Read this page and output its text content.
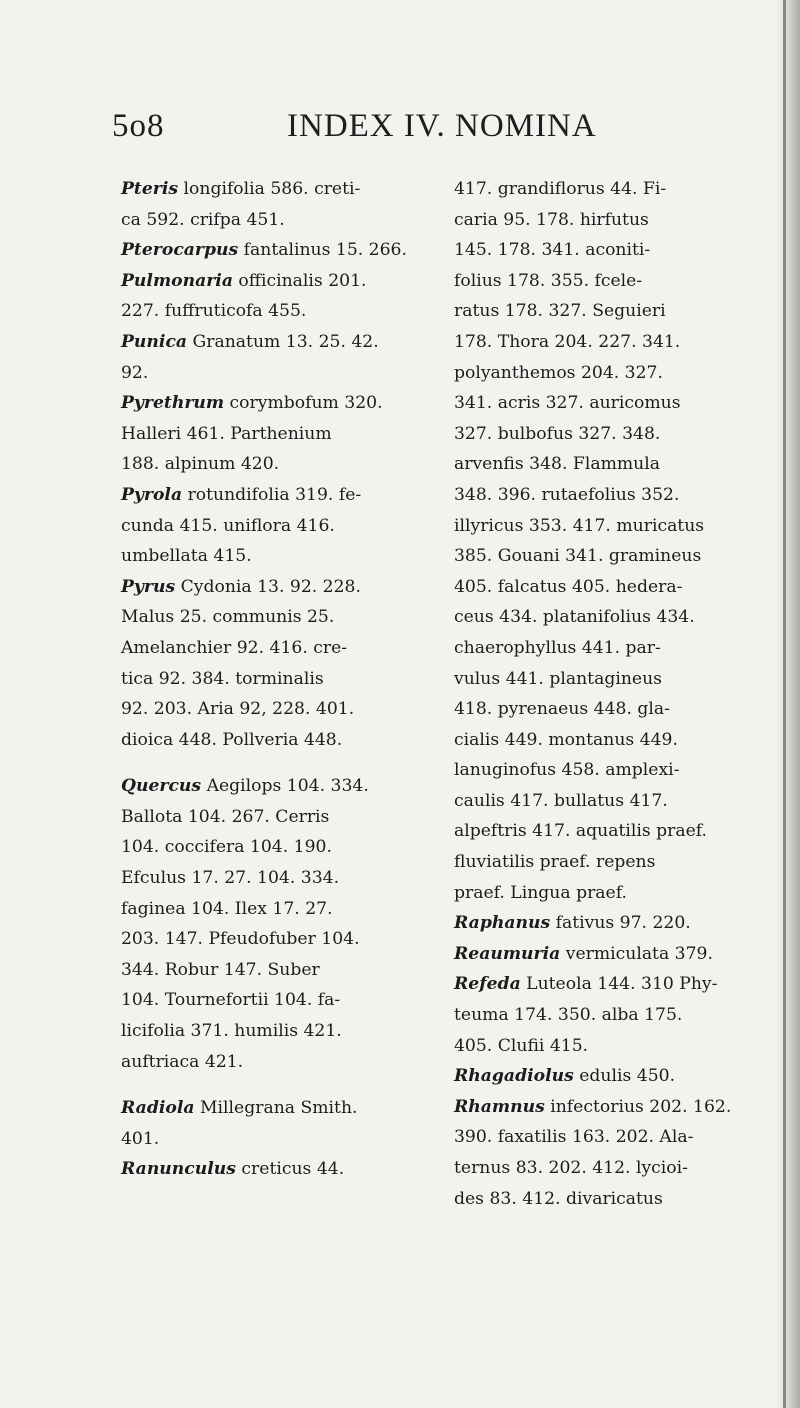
5o8	INDEX IV. NOMINA
Pteris longifolia 586. creti-
ca 592. crifpa 451.
Pterocarpus fantalinus 15. 266.
Pulmonaria officinalis 201.
227. fuffruticofa 455.
Punica Granatum 13. 25. 42.
92.
Pyrethrum corymbofum 320.
Halleri 461. Parthenium
188. alpinum 420.
Pyrola rotundifolia 319. fe-
cunda 415. uniflora 416.
umbellata 415.
Pyrus Cydonia 13. 92. 228.
Malus 25. communis 25.
Amelanchier 92. 416. cre-
tica 92. 384. torminalis
92. 203. Aria 92, 228. 401.
dioica 448. Pollveria 448.
Quercus Aegilops 104. 334.
Ballota 104. 267. Cerris
104. coccifera 104. 190.
Efculus 17. 27. 104. 334.
faginea 104. Ilex 17. 27.
203. 147. Pfeudofuber 104.
344. Robur 147. Suber
104. Tournefortii 104. fa-
licifolia 371. humilis 421.
auftriaca 421.
Radiola Millegrana Smith.
401.
Ranunculus creticus 44.
417. grandiflorus 44. Fi-
caria 95. 178. hirfutus
145. 178. 341. aconiti-
folius 178. 355. fcele-
ratus 178. 327. Seguieri
178. Thora 204. 227. 341.
polyanthemos 204. 327.
341. acris 327. auricomus
327. bulbofus 327. 348.
arvenfis 348. Flammula
348. 396. rutaefolius 352.
illyricus 353. 417. muricatus
385. Gouani 341. gramineus
405. falcatus 405. hedera-
ceus 434. platanifolius 434.
chaerophyllus 441. par-
vulus 441. plantagineus
418. pyrenaeus 448. gla-
cialis 449. montanus 449.
lanuginofus 458. amplexi-
caulis 417. bullatus 417.
alpeftris 417. aquatilis praef.
fluviatilis praef. repens
praef. Lingua praef.
Raphanus fativus 97. 220.
Reaumuria vermiculata 379.
Refeda Luteola 144. 310 Phy-
teuma 174. 350. alba 175.
405. Clufii 415.
Rhagadiolus edulis 450.
Rhamnus infectorius 202. 162.
390. faxatilis 163. 202. Ala-
ternus 83. 202. 412. lycioi-
des 83. 412. divaricatus
